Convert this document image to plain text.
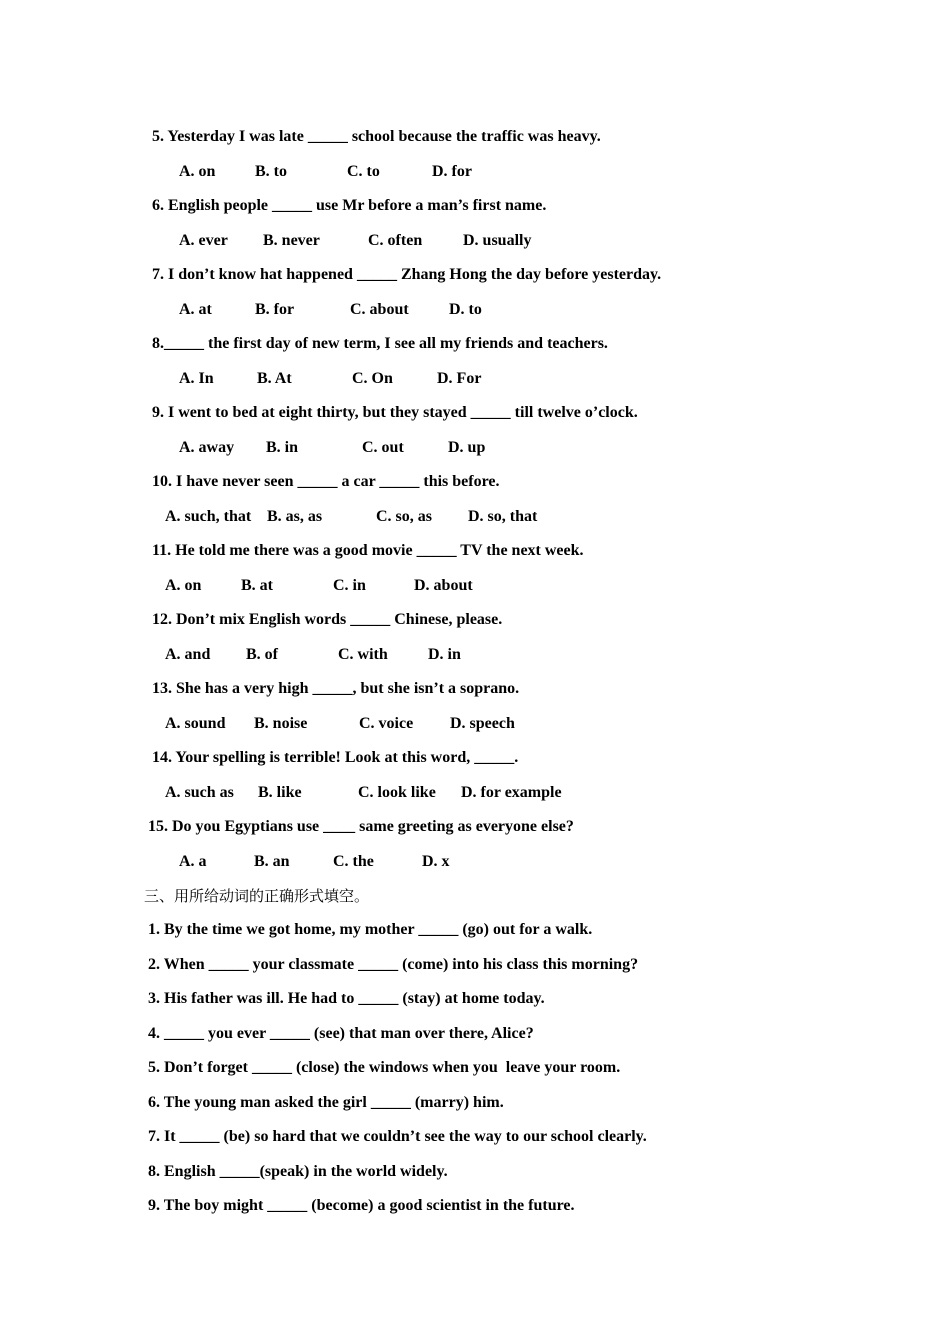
5. Yesterday I was late _____ school because the traffic was heavy.
A. on B. to	C. to	D. for
6. English people _____ use Mr before a man’s first name.
A. ever B. never	C. often	D. usually
7. I don’t know hat happened _____ Zhang Hong the day before yesterday.
A. at	B. for	C. about	D. to
8._____ the first day of new term, I see all my friends and teachers.
A. In	B. At	C. On	D. For
9. I went to bed at eight thirty, but they stayed _____ till twelve o’clock.
A. away B. in	C. out	D. up
10. I have never seen _____ a car _____ this before.
A. such, that B. as, as	C. so, as D. so, that
11. He told me there was a good movie _____ TV the next week.
A. on B. at	C. in	D. about
12. Don’t mix English words _____ Chinese, please.
A. and B. of	C. with	D. in
13. She has a very high _____, but she isn’t a soprano.
A. sound B. noise	C. voice D. speech
14. Your spelling is terrible! Look at this word, _____.
A. such as B. like	C. look like D. for example
15. Do you Egyptians use ____ same greeting as everyone else?
A. a	B. an	C. the	D. x
三、用所给动词的正确形式填空。
1. By the time we got home, my mother _____ (go) out for a walk.
2. When _____ your classmate _____ (come) into his class this morning?
3. His father was ill. He had to _____ (stay) at home today.
4. _____ you ever _____ (see) that man over there, Alice?
5. Don’t forget _____ (close) the windows when you  leave your room.
6. The young man asked the girl _____ (marry) him.
7. It _____ (be) so hard that we couldn’t see the way to our school clearly.
8. English _____(speak) in the world widely.
9. The boy might _____ (become) a good scientist in the future.
